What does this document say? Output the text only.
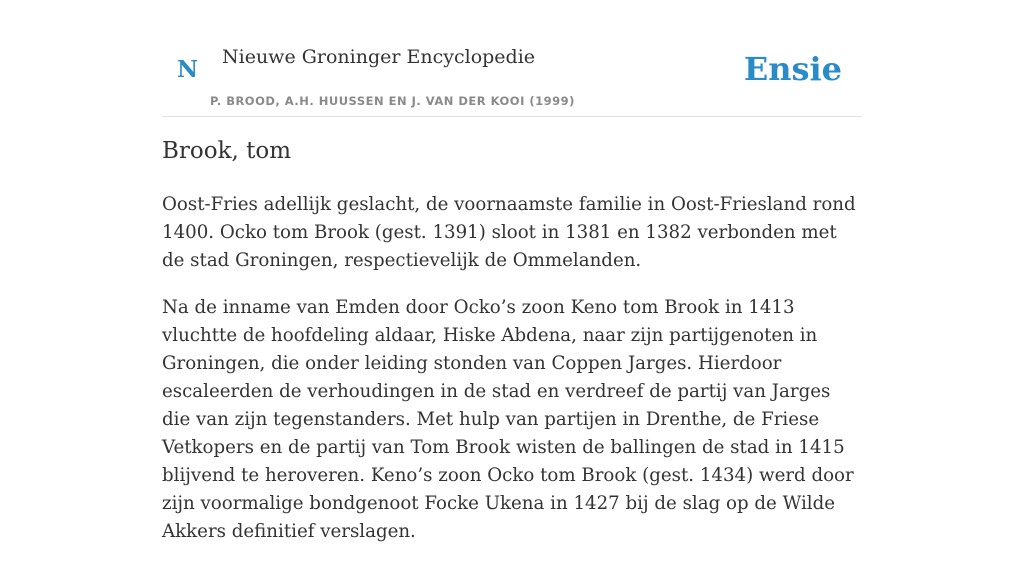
N Nieuwe Groninger Encyclopedie
P. BROOD, A.H. HUUSSEN EN J. VAN DER KOOI (1999)
Ensie
Brook, tom

Oost-Fries adellijk geslacht, de voornaamste familie in Oost-Friesland rond 1400. Ocko tom Brook (gest. 1391) sloot in 1381 en 1382 verbonden met de stad Groningen, respectievelijk de Ommelanden.

Na de inname van Emden door Ocko’s zoon Keno tom Brook in 1413 vluchtte de hoofdeling aldaar, Hiske Abdena, naar zijn partijgenoten in Groningen, die onder leiding stonden van Coppen Jarges. Hierdoor escaleerden de verhoudingen in de stad en verdreef de partij van Jarges die van zijn tegenstanders. Met hulp van partijen in Drenthe, de Friese Vetkopers en de partij van Tom Brook wisten de ballingen de stad in 1415 blijvend te heroveren. Keno’s zoon Ocko tom Brook (gest. 1434) werd door zijn voormalige bondgenoot Focke Ukena in 1427 bij de slag op de Wilde Akkers definitief verslagen.
